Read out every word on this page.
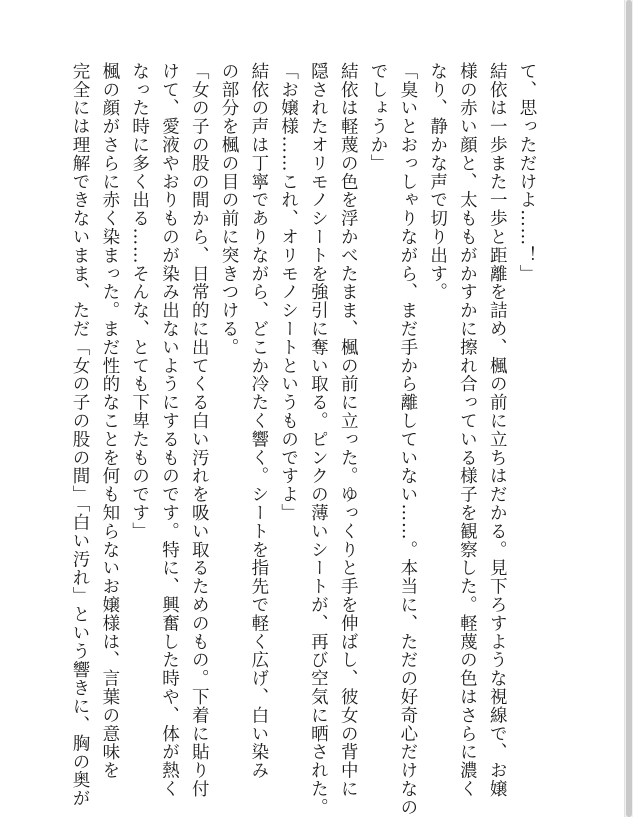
て、思っただけよ……！」
結依は一歩また一歩と距離を詰め、楓の前に立ちはだかる。見下ろすような視線で、お嬢
様の赤い顔と、太ももがかすかに擦れ合っている様子を観察した。軽蔑の色はさらに濃く
なり、静かな声で切り出す。
「臭いとおっしゃりながら、まだ手から離していない……。本当に、ただの好奇心だけなの
でしょうか」
結依は軽蔑の色を浮かべたまま、楓の前に立った。ゆっくりと手を伸ばし、彼女の背中に
隠されたオリモノシートを強引に奪い取る。ピンクの薄いシートが、再び空気に晒された。
「お嬢様……これ、オリモノシートというものですよ」
結依の声は丁寧でありながら、どこか冷たく響く。シートを指先で軽く広げ、白い染み
の部分を楓の目の前に突きつける。
「女の子の股の間から、日常的に出てくる白い汚れを吸い取るためのもの。下着に貼り付
けて、愛液やおりものが染み出ないようにするものです。特に、興奮した時や、体が熱く
なった時に多く出る……そんな、とても下卑たものです」
楓の顔がさらに赤く染まった。まだ性的なことを何も知らないお嬢様は、言葉の意味を
完全には理解できないまま、ただ「女の子の股の間」「白い汚れ」という響きに、胸の奥が
